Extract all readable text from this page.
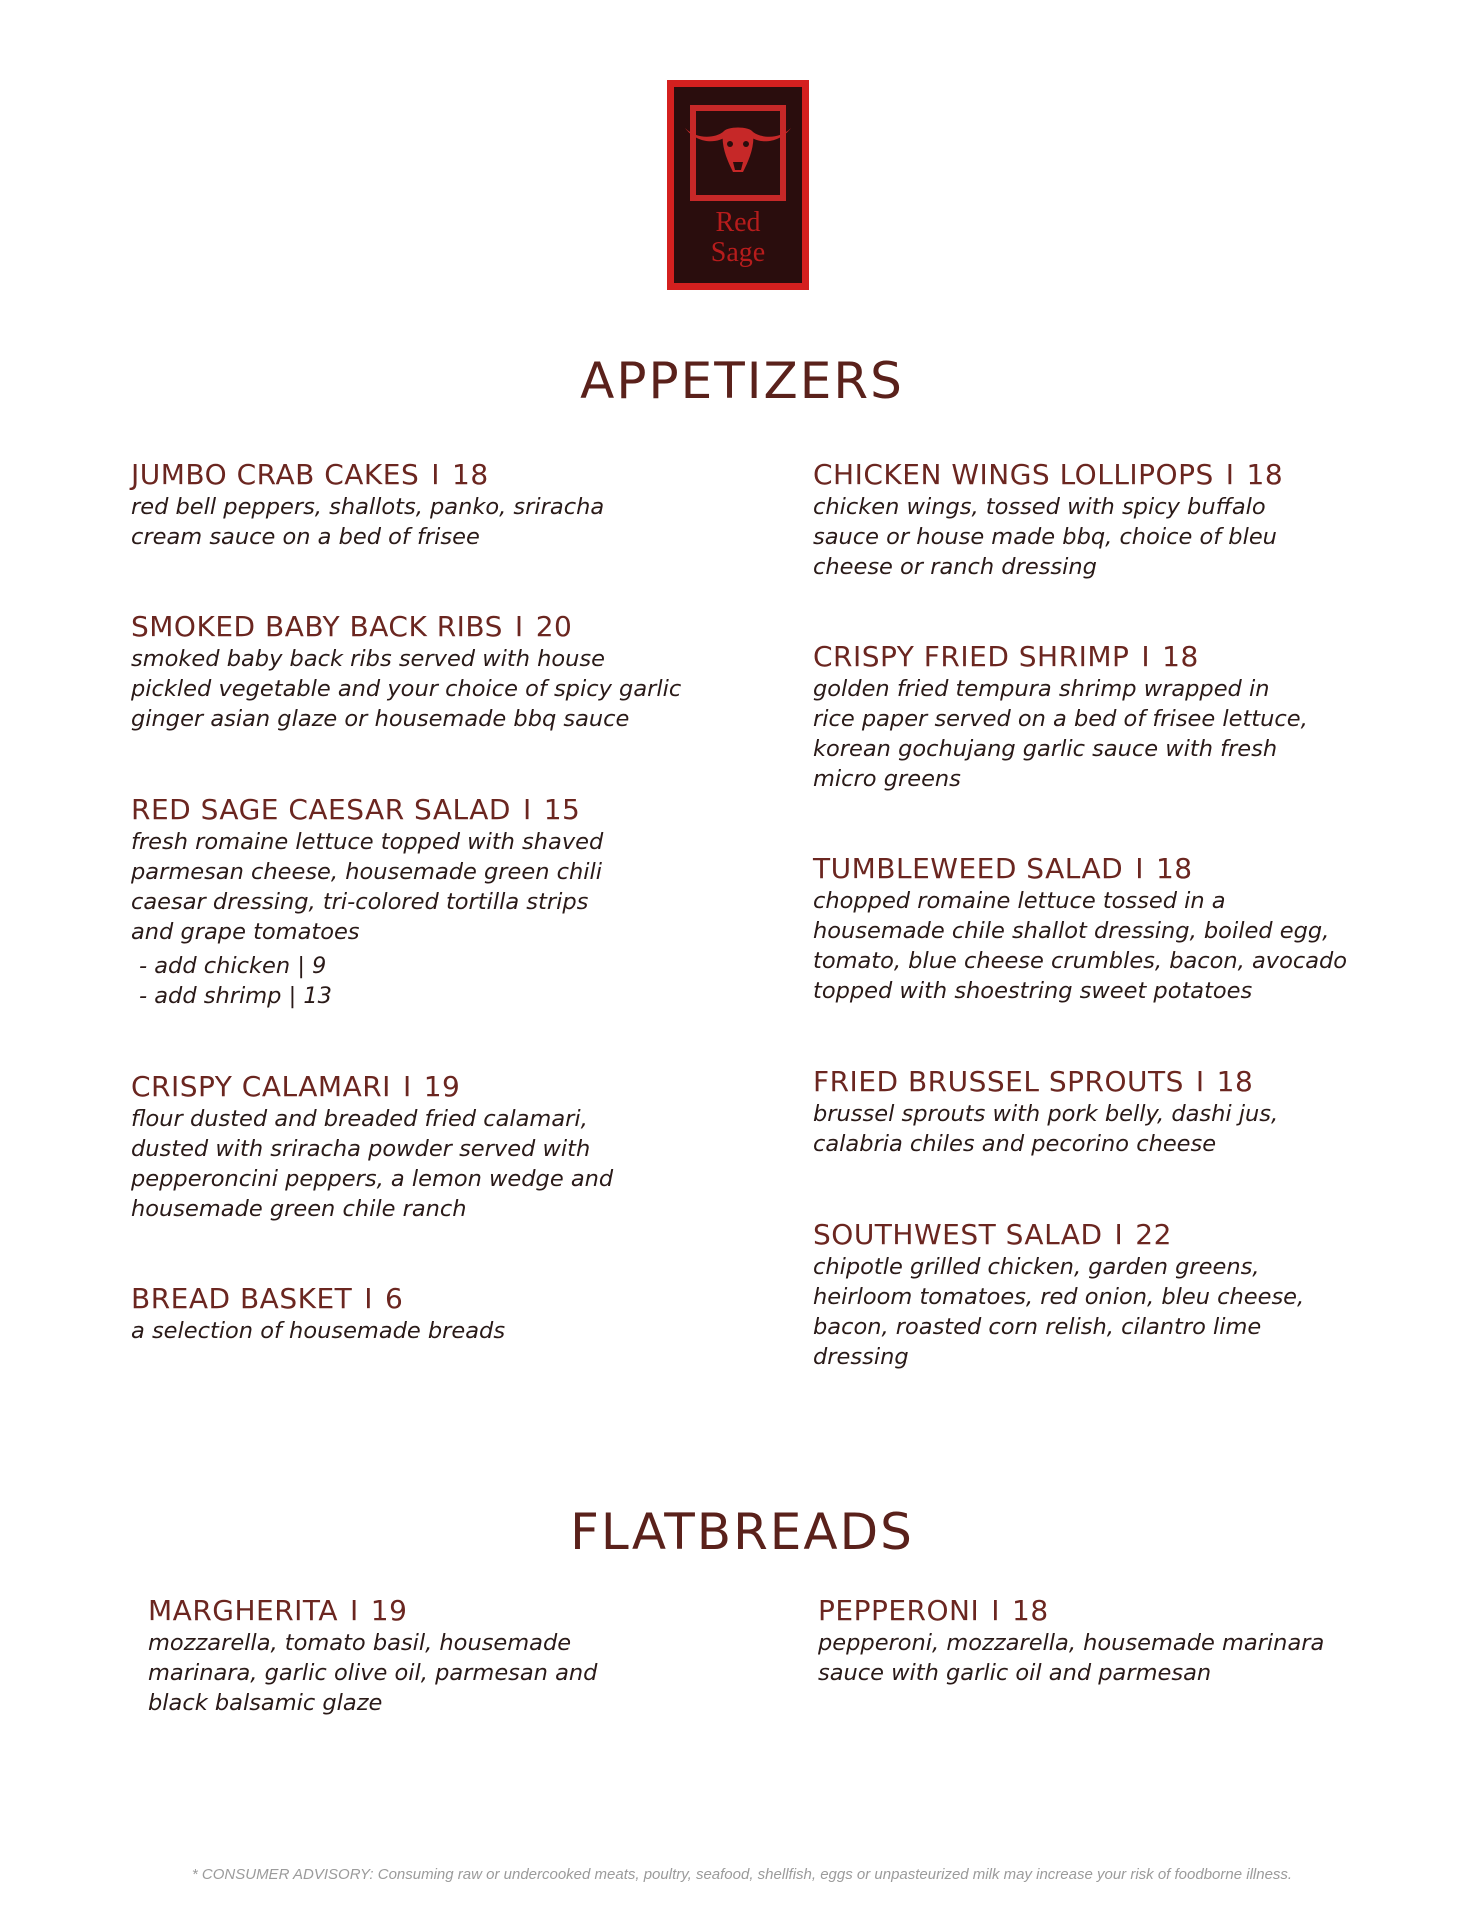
Red
Sage
APPETIZERS
JUMBO CRAB CAKES I 18
red bell peppers, shallots, panko, sriracha
cream sauce on a bed of frisee
SMOKED BABY BACK RIBS I 20
smoked baby back ribs served with house
pickled vegetable and your choice of spicy garlic
ginger asian glaze or housemade bbq sauce
RED SAGE CAESAR SALAD I 15
fresh romaine lettuce topped with shaved
parmesan cheese, housemade green chili
caesar dressing, tri-colored tortilla strips
and grape tomatoes
- add chicken | 9
- add shrimp | 13
CRISPY CALAMARI I 19
flour dusted and breaded fried calamari,
dusted with sriracha powder served with
pepperoncini peppers, a lemon wedge and
housemade green chile ranch
BREAD BASKET I 6
a selection of housemade breads
CHICKEN WINGS LOLLIPOPS I 18
chicken wings, tossed with spicy buffalo
sauce or house made bbq, choice of bleu
cheese or ranch dressing
CRISPY FRIED SHRIMP I 18
golden fried tempura shrimp wrapped in
rice paper served on a bed of frisee lettuce,
korean gochujang garlic sauce with fresh
micro greens
TUMBLEWEED SALAD I 18
chopped romaine lettuce tossed in a
housemade chile shallot dressing, boiled egg,
tomato, blue cheese crumbles, bacon, avocado
topped with shoestring sweet potatoes
FRIED BRUSSEL SPROUTS I 18
brussel sprouts with pork belly, dashi jus,
calabria chiles and pecorino cheese
SOUTHWEST SALAD I 22
chipotle grilled chicken, garden greens,
heirloom tomatoes, red onion, bleu cheese,
bacon, roasted corn relish, cilantro lime
dressing
FLATBREADS
MARGHERITA I 19
mozzarella, tomato basil, housemade
marinara, garlic olive oil, parmesan and
black balsamic glaze
PEPPERONI I 18
pepperoni, mozzarella, housemade marinara
sauce with garlic oil and parmesan
* CONSUMER ADVISORY: Consuming raw or undercooked meats, poultry, seafood, shellfish, eggs or unpasteurized milk may increase your risk of foodborne illness.
